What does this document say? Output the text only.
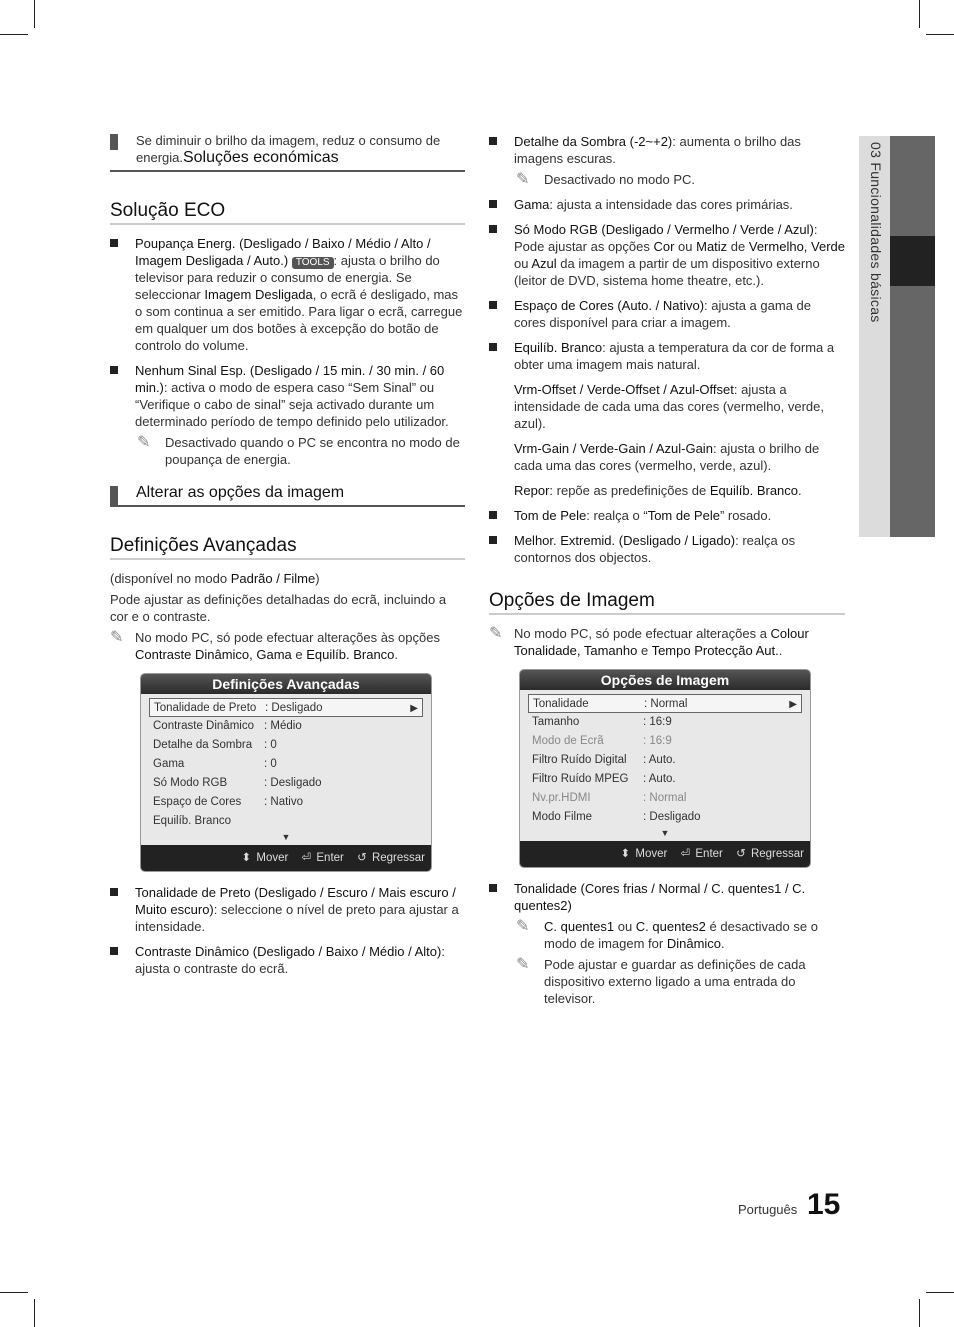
Se diminuir o brilho da imagem, reduz o consumo de energia.Soluções económicas
Solução ECO
Poupança Energ. (Desligado / Baixo / Médio / Alto / Imagem Desligada / Auto.) TOOLS : ajusta o brilho do televisor para reduzir o consumo de energia. Se seleccionar Imagem Desligada, o ecrã é desligado, mas o som continua a ser emitido. Para ligar o ecrã, carregue em qualquer um dos botões à excepção do botão de controlo do volume.
Nenhum Sinal Esp. (Desligado / 15 min. / 30 min. / 60 min.): activa o modo de espera caso “Sem Sinal” ou “Verifique o cabo de sinal” seja activado durante um determinado período de tempo definido pelo utilizador.
✎ Desactivado quando o PC se encontra no modo de poupança de energia.
Alterar as opções da imagem
Definições Avançadas
(disponível no modo Padrão / Filme)
Pode ajustar as definições detalhadas do ecrã, incluindo a cor e o contraste.
✎ No modo PC, só pode efectuar alterações às opções Contraste Dinâmico, Gama e Equilíb. Branco.
Definições Avançadas
Tonalidade de Preto : Desligado	▶
Contraste Dinâmico : Médio
Detalhe da Sombra	: 0
Gama	: 0
Só Modo RGB	: Desligado
Espaço de Cores	: Nativo
Equilíb. Branco
▼
⬍ Mover ⏎ Enter ↺ Regressar
Tonalidade de Preto (Desligado / Escuro / Mais escuro / Muito escuro): seleccione o nível de preto para ajustar a intensidade.
Contraste Dinâmico (Desligado / Baixo / Médio / Alto): ajusta o contraste do ecrã.
Detalhe da Sombra (-2~+2): aumenta o brilho das imagens escuras.
✎ Desactivado no modo PC.
Gama: ajusta a intensidade das cores primárias.
Só Modo RGB (Desligado / Vermelho / Verde / Azul): Pode ajustar as opções Cor ou Matiz de Vermelho, Verde ou Azul da imagem a partir de um dispositivo externo (leitor de DVD, sistema home theatre, etc.).
Espaço de Cores (Auto. / Nativo): ajusta a gama de cores disponível para criar a imagem.
Equilíb. Branco: ajusta a temperatura da cor de forma a obter uma imagem mais natural.
Vrm-Offset / Verde-Offset / Azul-Offset: ajusta a intensidade de cada uma das cores (vermelho, verde, azul).
Vrm-Gain / Verde-Gain / Azul-Gain: ajusta o brilho de cada uma das cores (vermelho, verde, azul).
Repor: repõe as predefinições de Equilíb. Branco.
Tom de Pele: realça o “Tom de Pele” rosado.
Melhor. Extremid. (Desligado / Ligado): realça os contornos dos objectos.
Opções de Imagem
✎ No modo PC, só pode efectuar alterações a Colour Tonalidade, Tamanho e Tempo Protecção Aut..
Opções de Imagem
Tonalidade	: Normal	▶
Tamanho	: 16:9
Modo de Ecrã	: 16:9
Filtro Ruído Digital	: Auto.
Filtro Ruído MPEG	: Auto.
Nv.pr.HDMI	: Normal
Modo Filme	: Desligado
▼
⬍ Mover ⏎ Enter ↺ Regressar
Tonalidade (Cores frias / Normal / C. quentes1 / C. quentes2)
✎ C. quentes1 ou C. quentes2 é desactivado se o modo de imagem for Dinâmico.
✎ Pode ajustar e guardar as definições de cada dispositivo externo ligado a uma entrada do televisor.
03 Funcionalidades básicas
Português 15
